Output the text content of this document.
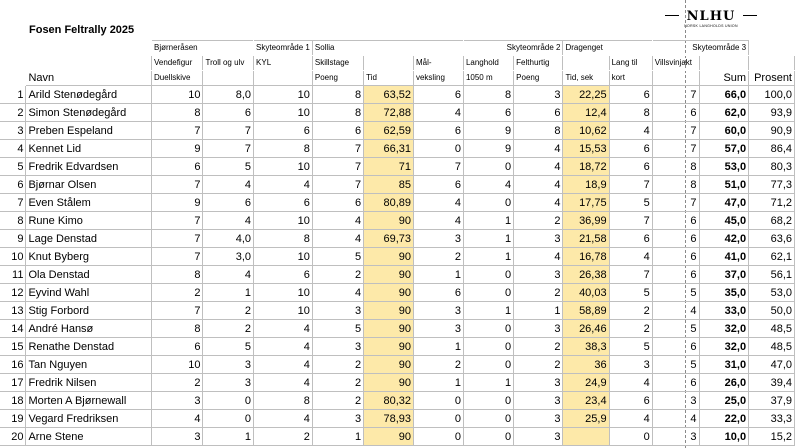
Fosen Feltrally 2025
NLHU
NORSK LANGHOLDS UNION
		Bjørneråsen		Skyteområde 1	Sollia			Skyteområde 2		Dragenget		Skyteområde 3			
		Vendefigur	Troll og ulv	KYL	Skillstage		Mål-	Langhold	Felthurtig		Lang til	Villsvinjakt			
	Navn	Duellskive			Poeng	Tid	veksling	1050 m	Poeng	Tid, sek	kort		Sum	Prosent	
1	Arild Stenødegård	10	8,0	10	8	63,52	6	8	3	22,25	6	7	66,0	100,0	
2	Simon Stenødegård	8	6	10	8	72,88	4	6	6	12,4	8	6	62,0	93,9	
3	Preben Espeland	7	7	6	6	62,59	6	9	8	10,62	4	7	60,0	90,9	
4	Kennet Lid	9	7	8	7	66,31	0	9	4	15,53	6	7	57,0	86,4	
5	Fredrik Edvardsen	6	5	10	7	71	7	0	4	18,72	6	8	53,0	80,3	
6	Bjørnar Olsen	7	4	4	7	85	6	4	4	18,9	7	8	51,0	77,3	
7	Even Stålem	9	6	6	6	80,89	4	0	4	17,75	5	7	47,0	71,2	
8	Rune Kimo	7	4	10	4	90	4	1	2	36,99	7	6	45,0	68,2	
9	Lage Denstad	7	4,0	8	4	69,73	3	1	3	21,58	6	6	42,0	63,6	
10	Knut Byberg	7	3,0	10	5	90	2	1	4	16,78	4	6	41,0	62,1	
11	Ola Denstad	8	4	6	2	90	1	0	3	26,38	7	6	37,0	56,1	
12	Eyvind Wahl	2	1	10	4	90	6	0	2	40,03	5	5	35,0	53,0	
13	Stig Forbord	7	2	10	3	90	3	1	1	58,89	2	4	33,0	50,0	
14	André Hansø	8	2	4	5	90	3	0	3	26,46	2	5	32,0	48,5	
15	Renathe Denstad	6	5	4	3	90	1	0	2	38,3	5	6	32,0	48,5	
16	Tan Nguyen	10	3	4	2	90	2	0	2	36	3	5	31,0	47,0	
17	Fredrik Nilsen	2	3	4	2	90	1	1	3	24,9	4	6	26,0	39,4	
18	Morten A Bjørnewall	3	0	8	2	80,32	0	0	3	23,4	6	3	25,0	37,9	
19	Vegard Fredriksen	4	0	4	3	78,93	0	0	3	25,9	4	4	22,0	33,3	
20	Arne Stene	3	1	2	1	90	0	0	3		0	3	10,0	15,2	
